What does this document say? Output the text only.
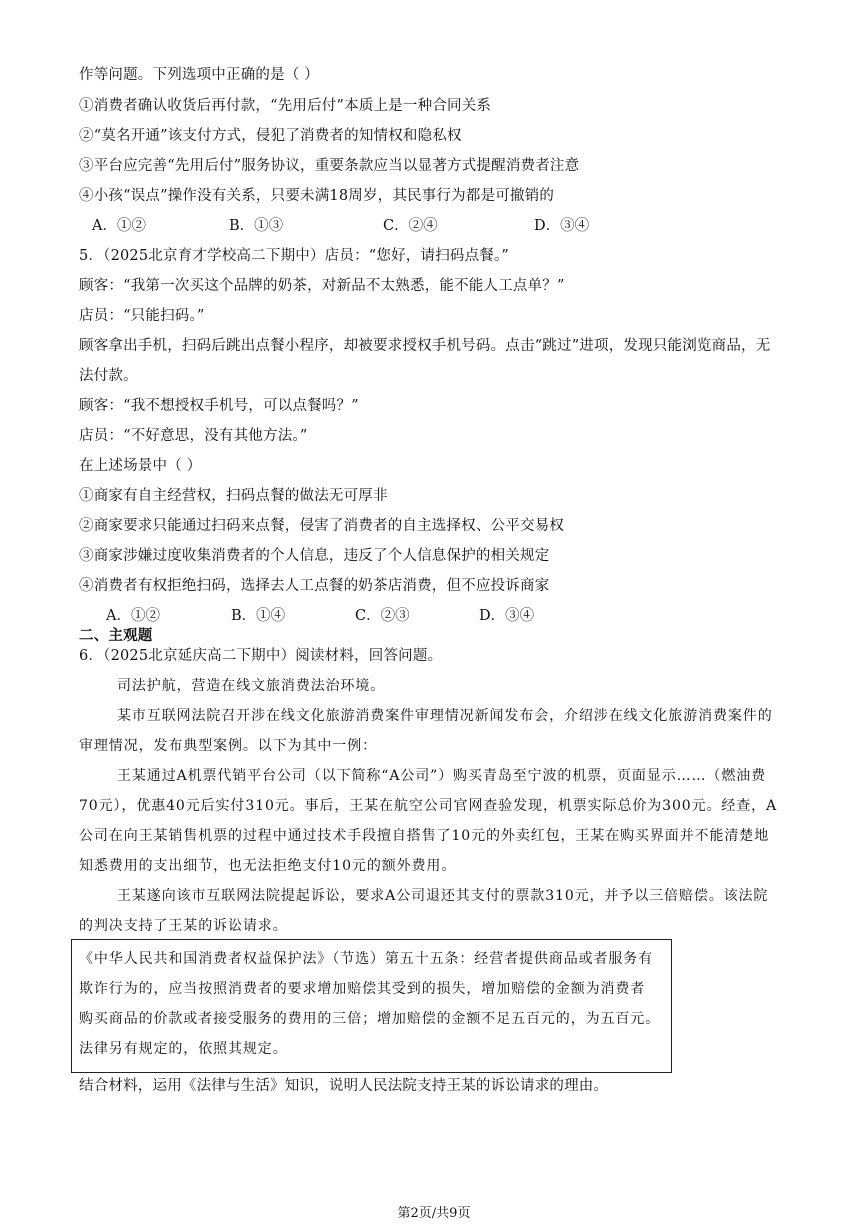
作等问题。下列选项中正确的是（ ）
①消费者确认收货后再付款，“先用后付”本质上是一种合同关系
②“莫名开通”该支付方式，侵犯了消费者的知情权和隐私权
③平台应完善“先用后付”服务协议，重要条款应当以显著方式提醒消费者注意
④小孩“误点”操作没有关系，只要未满18周岁，其民事行为都是可撤销的
A．①②	B．①③	C．②④	D．③④
5．（2025北京育才学校高二下期中）店员：“您好，请扫码点餐。”
顾客：“我第一次买这个品牌的奶茶，对新品不太熟悉，能不能人工点单？”
店员：“只能扫码。”
顾客拿出手机，扫码后跳出点餐小程序，却被要求授权手机号码。点击“跳过”进项，发现只能浏览商品，无
法付款。
顾客：“我不想授权手机号，可以点餐吗？”
店员：“不好意思，没有其他方法。”
在上述场景中（ ）
①商家有自主经营权，扫码点餐的做法无可厚非
②商家要求只能通过扫码来点餐，侵害了消费者的自主选择权、公平交易权
③商家涉嫌过度收集消费者的个人信息，违反了个人信息保护的相关规定
④消费者有权拒绝扫码，选择去人工点餐的奶茶店消费，但不应投诉商家
A．①②	B．①④	C．②③	D．③④
二、主观题
6．（2025北京延庆高二下期中）阅读材料，回答问题。
司法护航，营造在线文旅消费法治环境。
某市互联网法院召开涉在线文化旅游消费案件审理情况新闻发布会，介绍涉在线文化旅游消费案件的
审理情况，发布典型案例。以下为其中一例：
王某通过A机票代销平台公司（以下简称“A公司”）购买青岛至宁波的机票，页面显示……（燃油费
70元），优惠40元后实付310元。事后，王某在航空公司官网查验发现，机票实际总价为300元。经查，A
公司在向王某销售机票的过程中通过技术手段擅自搭售了10元的外卖红包，王某在购买界面并不能清楚地
知悉费用的支出细节，也无法拒绝支付10元的额外费用。
王某遂向该市互联网法院提起诉讼，要求A公司退还其支付的票款310元，并予以三倍赔偿。该法院
的判决支持了王某的诉讼请求。
《中华人民共和国消费者权益保护法》（节选）第五十五条：经营者提供商品或者服务有
欺诈行为的，应当按照消费者的要求增加赔偿其受到的损失，增加赔偿的金额为消费者
购买商品的价款或者接受服务的费用的三倍；增加赔偿的金额不足五百元的，为五百元。
法律另有规定的，依照其规定。
结合材料，运用《法律与生活》知识，说明人民法院支持王某的诉讼请求的理由。
第2页/共9页
